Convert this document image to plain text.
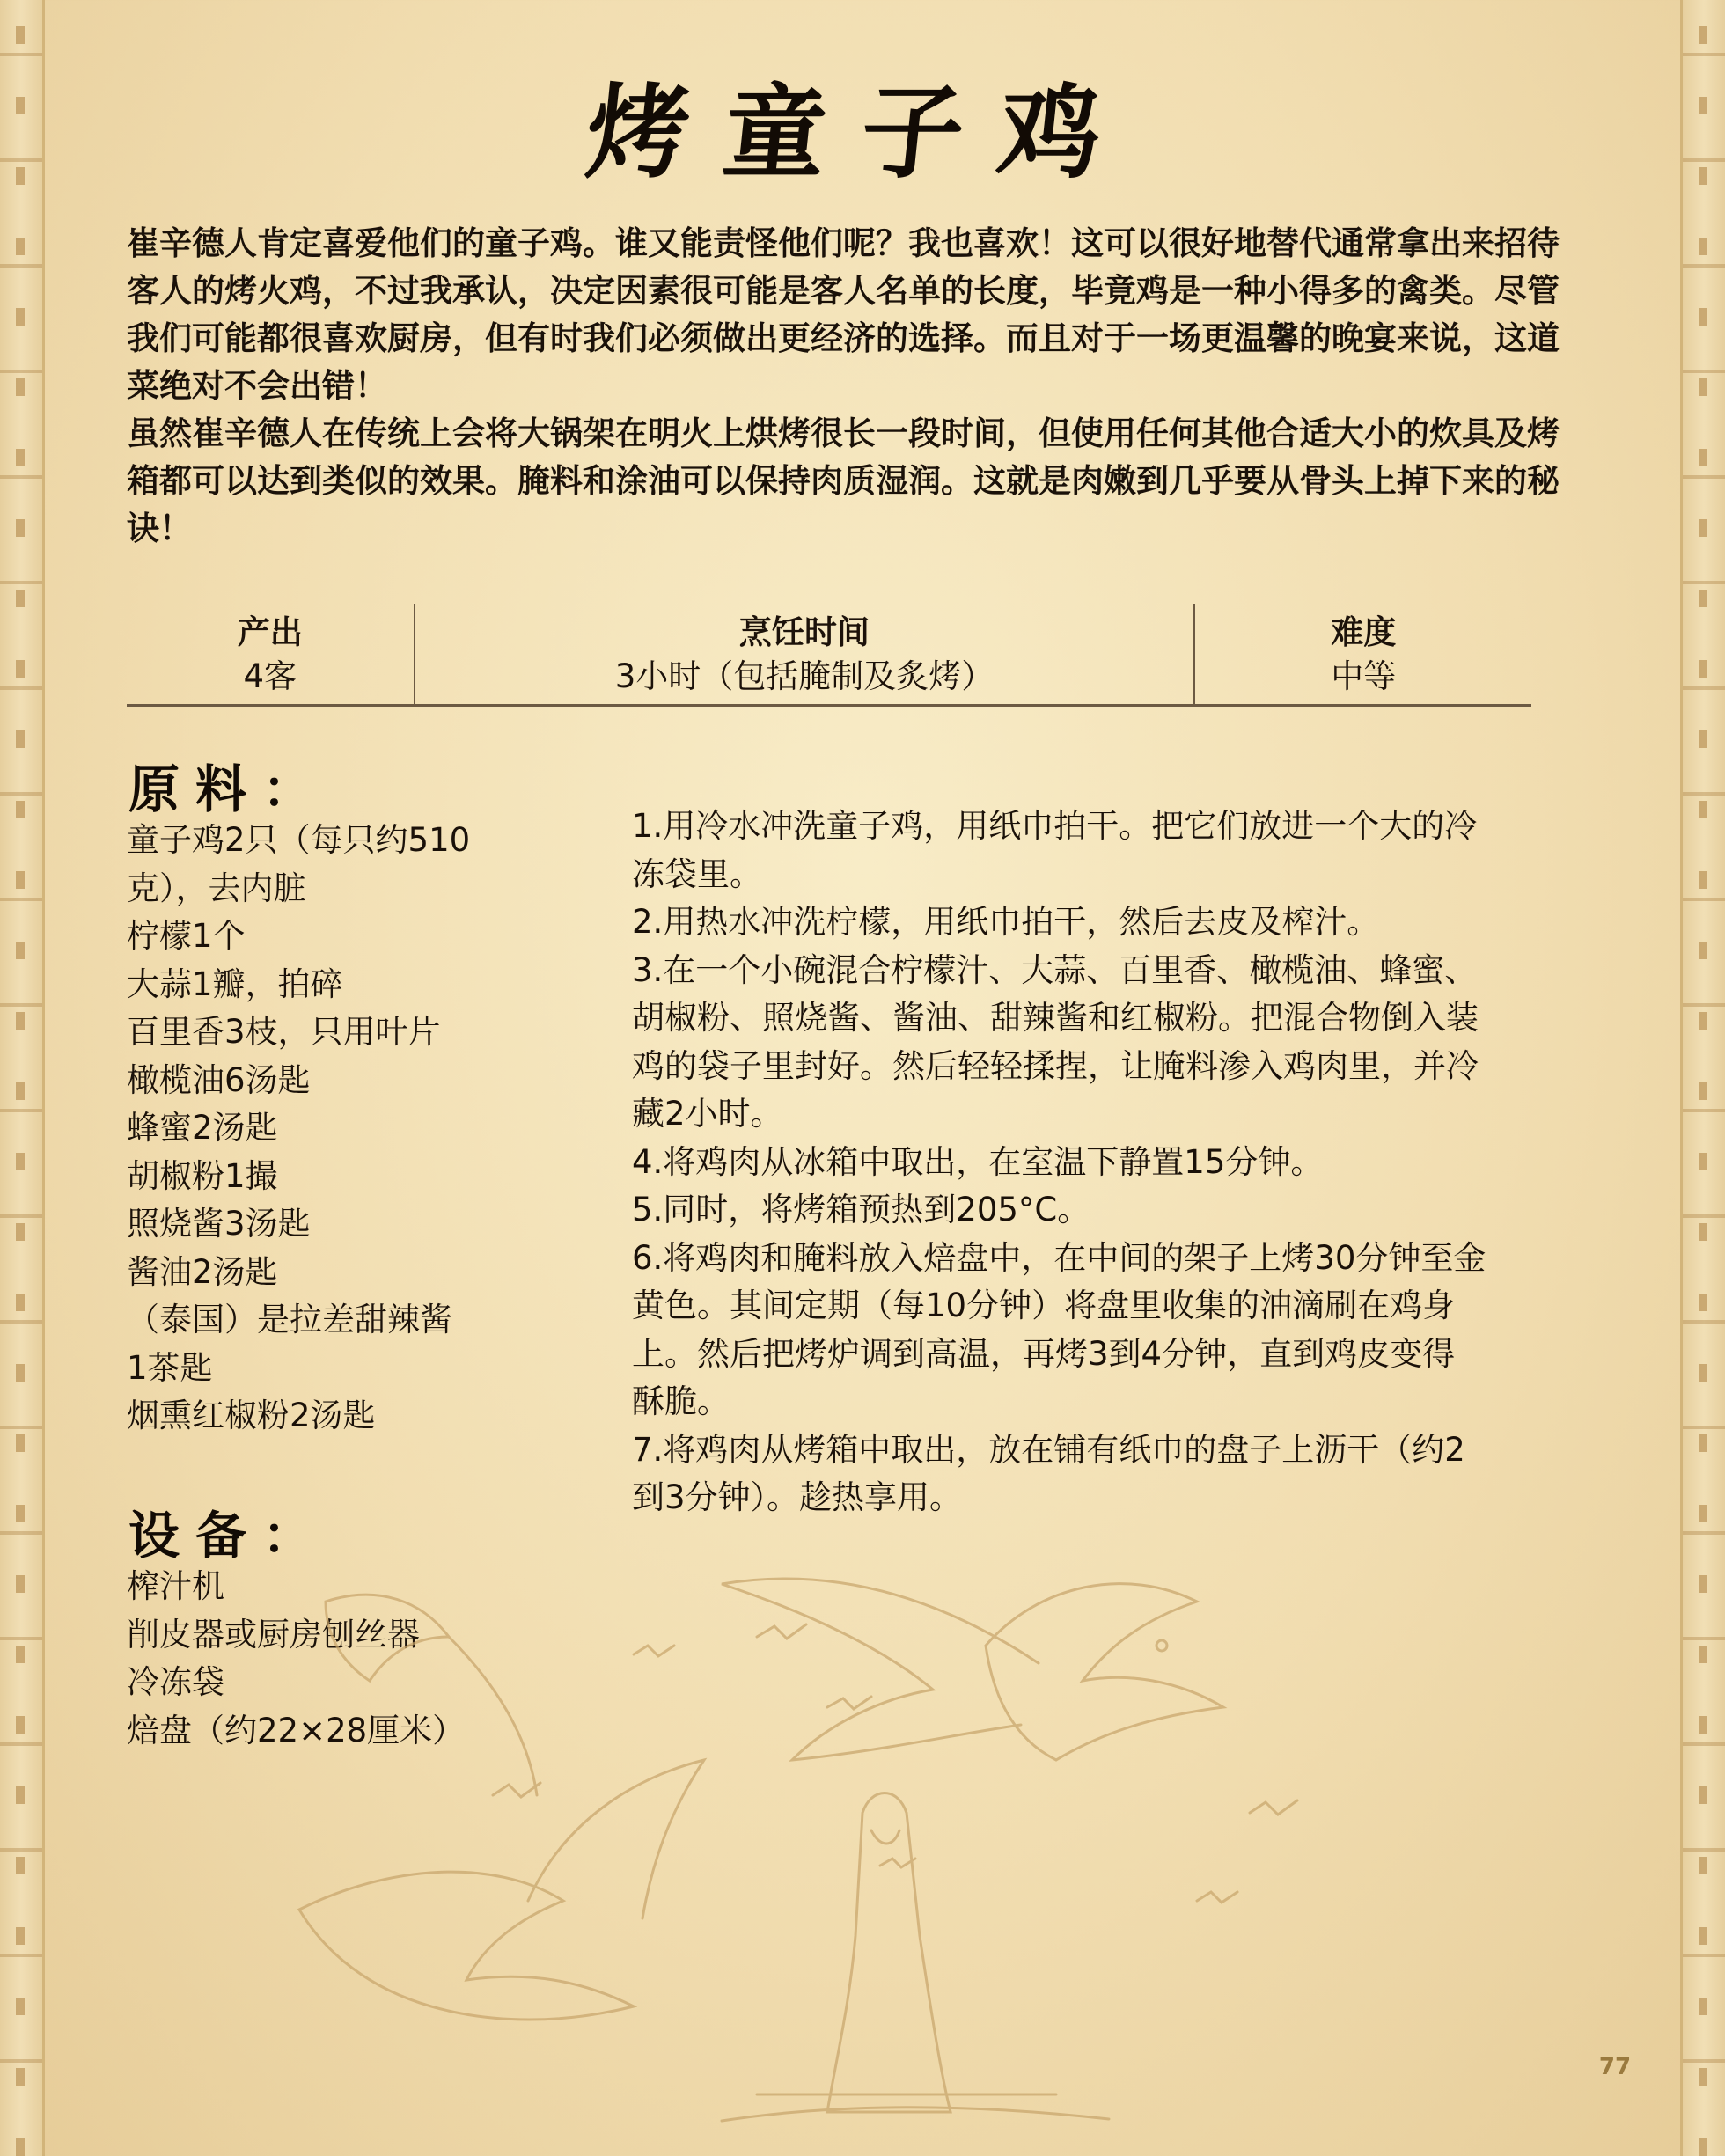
烤童子鸡

崔辛德人肯定喜爱他们的童子鸡。谁又能责怪他们呢？我也喜欢！这可以很好地替代通常拿出来招待客人的烤火鸡，不过我承认，决定因素很可能是客人名单的长度，毕竟鸡是一种小得多的禽类。尽管我们可能都很喜欢厨房，但有时我们必须做出更经济的选择。而且对于一场更温馨的晚宴来说，这道菜绝对不会出错！

虽然崔辛德人在传统上会将大锅架在明火上烘烤很长一段时间，但使用任何其他合适大小的炊具及烤箱都可以达到类似的效果。腌料和涂油可以保持肉质湿润。这就是肉嫩到几乎要从骨头上掉下来的秘诀！

产出
4客
烹饪时间
3小时（包括腌制及炙烤）
难度
中等
原料：
童子鸡2只（每只约510
克），去内脏
柠檬1个
大蒜1瓣，拍碎
百里香3枝，只用叶片
橄榄油6汤匙
蜂蜜2汤匙
胡椒粉1撮
照烧酱3汤匙
酱油2汤匙
（泰国）是拉差甜辣酱
1茶匙
烟熏红椒粉2汤匙
设备：
榨汁机
削皮器或厨房刨丝器
冷冻袋
焙盘（约22×28厘米）
1.用冷水冲洗童子鸡，用纸巾拍干。把它们放进一个大的冷
冻袋里。
2.用热水冲洗柠檬，用纸巾拍干，然后去皮及榨汁。
3.在一个小碗混合柠檬汁、大蒜、百里香、橄榄油、蜂蜜、
胡椒粉、照烧酱、酱油、甜辣酱和红椒粉。把混合物倒入装
鸡的袋子里封好。然后轻轻揉捏，让腌料渗入鸡肉里，并冷
藏2小时。
4.将鸡肉从冰箱中取出，在室温下静置15分钟。
5.同时，将烤箱预热到205°C。
6.将鸡肉和腌料放入焙盘中，在中间的架子上烤30分钟至金
黄色。其间定期（每10分钟）将盘里收集的油滴刷在鸡身
上。然后把烤炉调到高温，再烤3到4分钟，直到鸡皮变得
酥脆。
7.将鸡肉从烤箱中取出，放在铺有纸巾的盘子上沥干（约2
到3分钟）。趁热享用。
77
